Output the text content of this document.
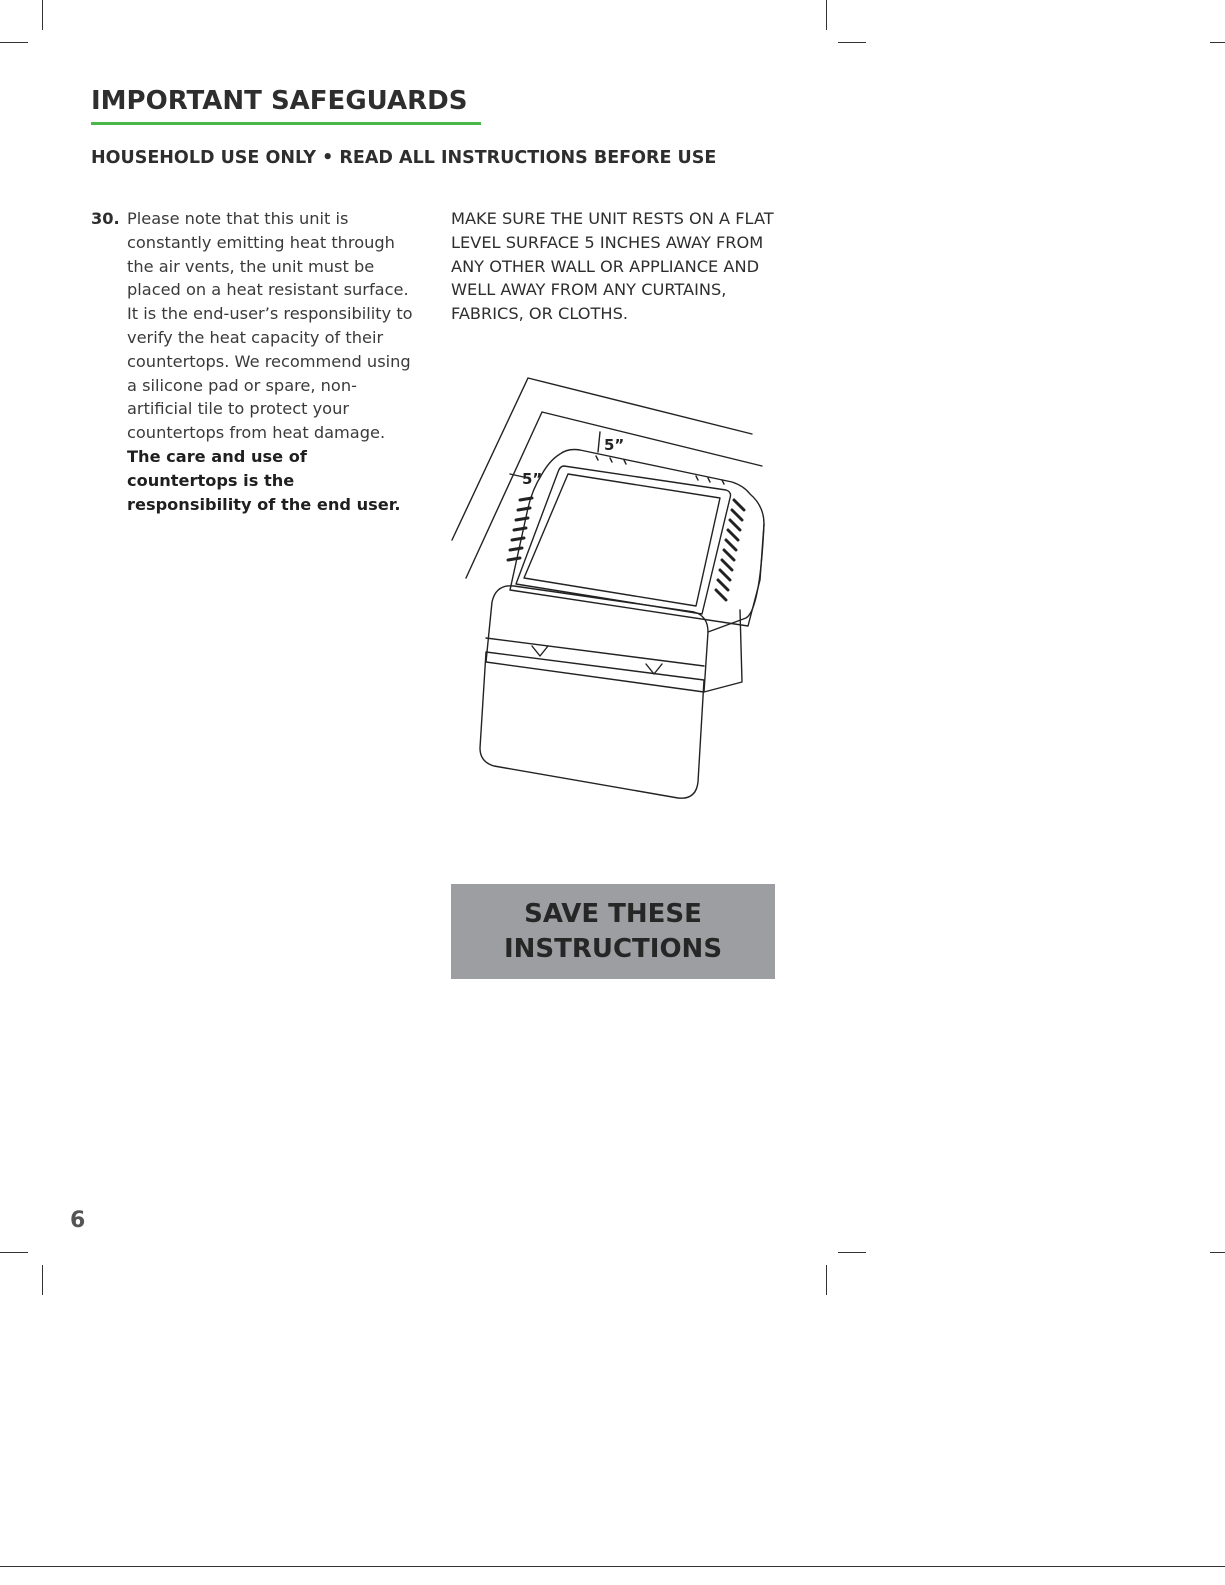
IMPORTANT SAFEGUARDS
HOUSEHOLD USE ONLY • READ ALL INSTRUCTIONS BEFORE USE
30. Please note that this unit is constantly emitting heat through the air vents, the unit must be placed on a heat resistant surface. It is the end-user’s responsibility to verify the heat capacity of their countertops. We recommend using a silicone pad or spare, non-artificial tile to protect your countertops from heat damage. The care and use of countertops is the responsibility of the end user.
MAKE SURE THE UNIT RESTS ON A FLAT LEVEL SURFACE 5 INCHES AWAY FROM ANY OTHER WALL OR APPLIANCE AND WELL AWAY FROM ANY CURTAINS, FABRICS, OR CLOTHS.
5”
5”
SAVE THESE
INSTRUCTIONS
6
